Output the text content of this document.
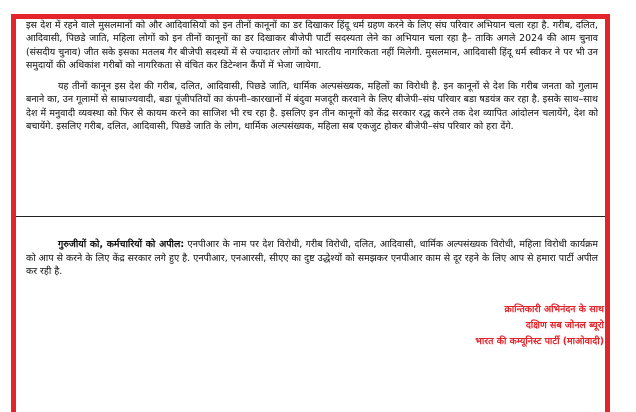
इस देश में रहने वाले मुसलमानों को और आदिवासियों को इन तीनों कानूनों का डर दिखाकर हिंदू धर्म ग्रहण करने के लिए संघ परिवार अभियान चला रहा है. गरीब, दलित, आदिवासी, पिछडे जाति, महिला लोगों को इन तीनों कानूनों का डर दिखाकर बीजेपी पार्टी सदस्यता लेने का अभियान चला रहा है– ताकि अगले 2024 की आम चुनाव (संसदीय चुनाव) जीत सके इसका मतलब गैर बीजेपी सदस्यों में से ज्यादातर लोगों को भारतीय नागरिकता नहीं मिलेगी. मुसलमान, आदिवासी हिंदू धर्म स्वीकर ने पर भी उन समुदायों की अधिकांश गरीबों को नागरिकता से वंचित कर डिटेन्शन कैंपों में भेजा जायेगा.

यह तीनों कानून इस देश की गरीब, दलित, आदिवासी, पिछडे जाति, धार्मिक अल्पसंख्यक, महिलों का विरोधी है. इन कानूनों से देश कि गरीब जनता को गुलाम बनाने का, उन गूलामों से साम्राज्यवादी, बडा पूंजीपतियों का कंपनी–कारखानों में बंदुवा मजदूरी करवाने के लिए बीजेपी–संघ परिवार बडा षडयंत्र कर रहा है. इसके साथ–साथ देश में मनुवादी व्यवस्था को फिर से कायम करने का साजिश भी रच रहा है. इसलिए इन तीन कानूनों को केंद्र सरकार रद्ध करने तक देश व्यापित आंदोलन चलायेंगे, देश को बचायेंगे. इसलिए गरीब, दलित, आदिवासी, पिछडे जाति के लोग, धार्मिक अल्पसंख्यक, महिला सब एकजुट होकर बीजेपी–संघ परिवार को हरा देंगे.

गुरुजीयों को, कर्मचारियों को अपील: एनपीआर के नाम पर देश विरोधी, गरीब विरोधी, दलित, आदिवासी, धार्मिक अल्पसंख्यक विरोधी, महिला विरोधी कार्यक्रम को आप से करने के लिए केंद्र सरकार लगे हुए है. एनपीआर, एनआरसी, सीएए का दुष्ट उद्धेश्यों को समझकर एनपीआर काम से दूर रहने के लिए आप से हमारा पार्टी अपील कर रही है.

क्रान्तिकारी अभिनंदन के साथ
दक्षिण सब जोनल ब्यूरो
भारत की कम्यूनिस्ट पार्टी (माओवादी)
